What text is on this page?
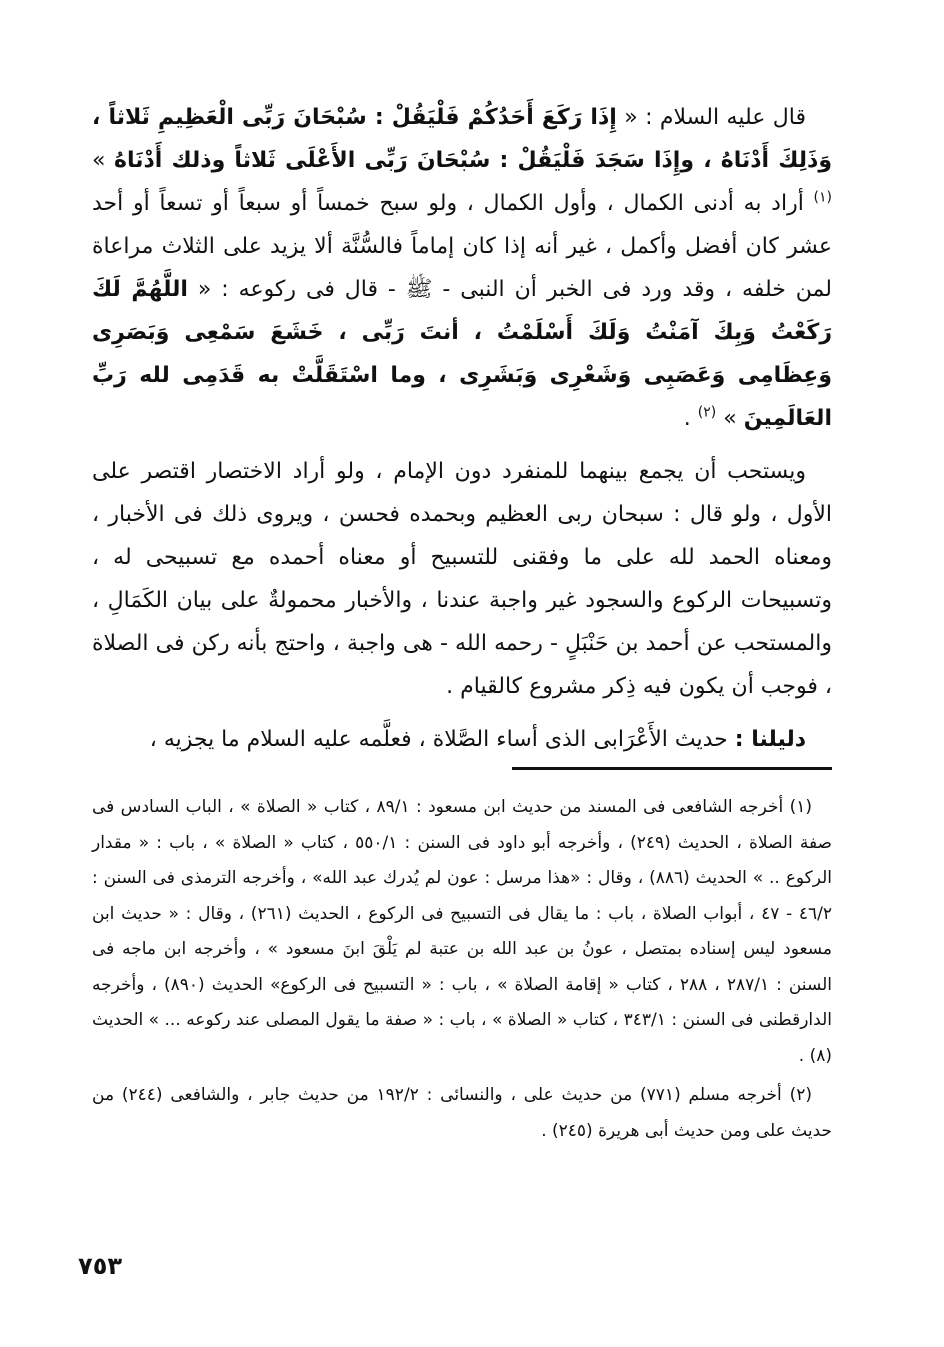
قال عليه السلام : « إِذَا رَكَعَ أَحَدُكُمْ فَلْيَقُلْ : سُبْحَانَ رَبِّى الْعَظِيمِ ثَلاثاً ، وَذَلِكَ أَدْنَاهُ ، وإِذَا سَجَدَ فَلْيَقُلْ : سُبْحَانَ رَبِّى الأَعْلَى ثَلاثاً وذلك أَدْنَاهُ » $^{(١)}$ أراد به أدنى الكمال ، وأول الكمال ، ولو سبح خمساً أو سبعاً أو تسعاً أو أحد عشر كان أفضل وأكمل ، غير أنه إذا كان إماماً فالسُّنَّة ألا يزيد على الثلاث مراعاة لمن خلفه ، وقد ورد فى الخبر أن النبى - ﷺ - قال فى ركوعه : « اللَّهُمَّ لَكَ رَكَعْتُ وَبِكَ آمَنْتُ وَلَكَ أَسْلَمْتُ ، أنتَ رَبِّى ، خَشَعَ سَمْعِى وَبَصَرِى وَعِظَامِى وَعَصَبِى وَشَعْرِى وَبَشَرِى ، وما اسْتَقَلَّتْ به قَدَمِى لله رَبِّ العَالَمِينَ » $^{(٢)}$ .

ويستحب أن يجمع بينهما للمنفرد دون الإمام ، ولو أراد الاختصار اقتصر على الأول ، ولو قال : سبحان ربى العظيم وبحمده فحسن ، ويروى ذلك فى الأخبار ، ومعناه الحمد لله على ما وفقنى للتسبيح أو معناه أحمده مع تسبيحى له ، وتسبيحات الركوع والسجود غير واجبة عندنا ، والأخبار محمولةٌ على بيان الكَمَالِ ، والمستحب عن أحمد بن حَنْبَلٍ - رحمه الله - هى واجبة ، واحتج بأنه ركن فى الصلاة ، فوجب أن يكون فيه ذِكر مشروع كالقيام .

دليلنا : حديث الأَعْرَابى الذى أساء الصَّلاة ، فعلَّمه عليه السلام ما يجزيه ،

(١) أخرجه الشافعى فى المسند من حديث ابن مسعود : ٨٩/١ ، كتاب « الصلاة » ، الباب السادس فى صفة الصلاة ، الحديث (٢٤٩) ، وأخرجه أبو داود فى السنن : ٥٥٠/١ ، كتاب « الصلاة » ، باب : « مقدار الركوع .. » الحديث (٨٨٦) ، وقال : «هذا مرسل : عون لم يُدرك عبد الله» ، وأخرجه الترمذى فى السنن : ٤٦/٢ - ٤٧ ، أبواب الصلاة ، باب : ما يقال فى التسبيح فى الركوع ، الحديث (٢٦١) ، وقال : « حديث ابن مسعود ليس إسناده بمتصل ، عونُ بن عبد الله بن عتبة لم يَلْقَ ابنَ مسعود » ، وأخرجه ابن ماجه فى السنن : ٢٨٧/١ ، ٢٨٨ ، كتاب « إقامة الصلاة » ، باب : « التسبيح فى الركوع» الحديث (٨٩٠) ، وأخرجه الدارقطنى فى السنن : ٣٤٣/١ ، كتاب « الصلاة » ، باب : « صفة ما يقول المصلى عند ركوعه ... » الحديث (٨) .

(٢) أخرجه مسلم (٧٧١) من حديث على ، والنسائى : ١٩٢/٢ من حديث جابر ، والشافعى (٢٤٤) من حديث على ومن حديث أبى هريرة (٢٤٥) .

٧٥٣
